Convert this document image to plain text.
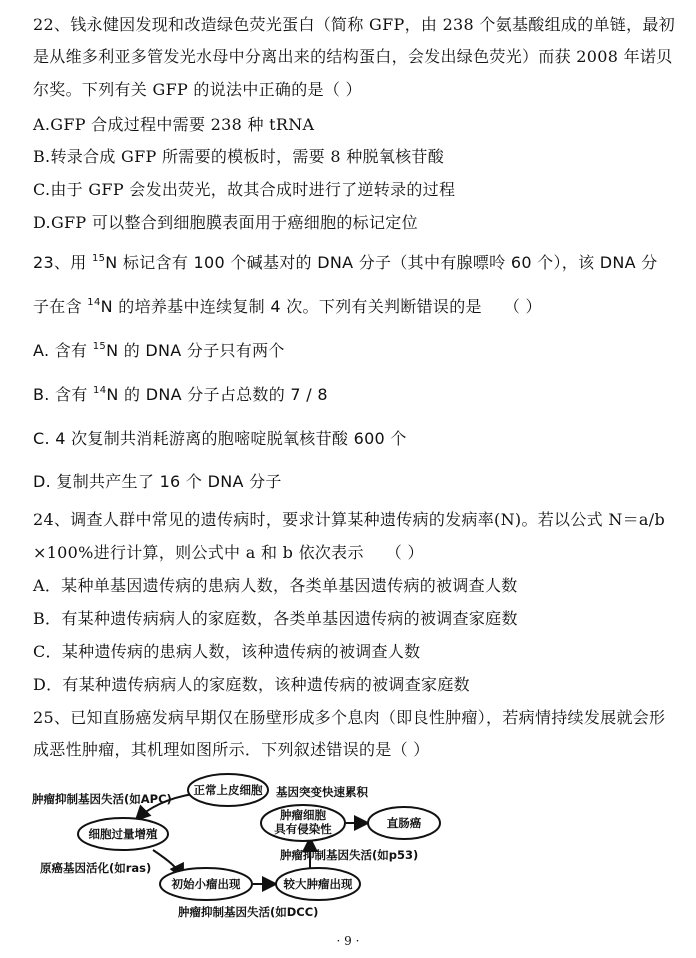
22、钱永健因发现和改造绿色荧光蛋白（简称 GFP，由 238 个氨基酸组成的单链，最初
是从维多利亚多管发光水母中分离出来的结构蛋白，会发出绿色荧光）而获 2008 年诺贝
尔奖。下列有关 GFP 的说法中正确的是（ ）
A.GFP 合成过程中需要 238 种 tRNA
B.转录合成 GFP 所需要的模板时，需要 8 种脱氧核苷酸
C.由于 GFP 会发出荧光，故其合成时进行了逆转录的过程
D.GFP 可以整合到细胞膜表面用于癌细胞的标记定位
23、用 $^{15}$N 标记含有 100 个碱基对的 DNA 分子（其中有腺嘌呤 60 个），该 DNA 分
子在含 $^{14}$N 的培养基中连续复制 4 次。下列有关判断错误的是 （ ）
A. 含有 $^{15}$N 的 DNA 分子只有两个
B. 含有 $^{14}$N 的 DNA 分子占总数的 7 / 8
C. 4 次复制共消耗游离的胞嘧啶脱氧核苷酸 600 个
D. 复制共产生了 16 个 DNA 分子
24、调查人群中常见的遗传病时，要求计算某种遗传病的发病率(N)。若以公式 N＝a/b
×100%进行计算，则公式中 a 和 b 依次表示 （ ）
A．某种单基因遗传病的患病人数，各类单基因遗传病的被调查人数
B．有某种遗传病病人的家庭数，各类单基因遗传病的被调查家庭数
C．某种遗传病的患病人数，该种遗传病的被调查人数
D．有某种遗传病病人的家庭数，该种遗传病的被调查家庭数
25、已知直肠癌发病早期仅在肠壁形成多个息肉（即良性肿瘤），若病情持续发展就会形
成恶性肿瘤，其机理如图所示．下列叙述错误的是（ ）
正常上皮细胞
肿瘤抑制基因失活(如APC)
细胞过量增殖
原癌基因活化(如ras)
初始小瘤出现
肿瘤抑制基因失活(如DCC)
较大肿瘤出现
肿瘤抑制基因失活(如p53)
基因突变快速累积
肿瘤细胞
具有侵染性	直肠癌
· 9 ·
